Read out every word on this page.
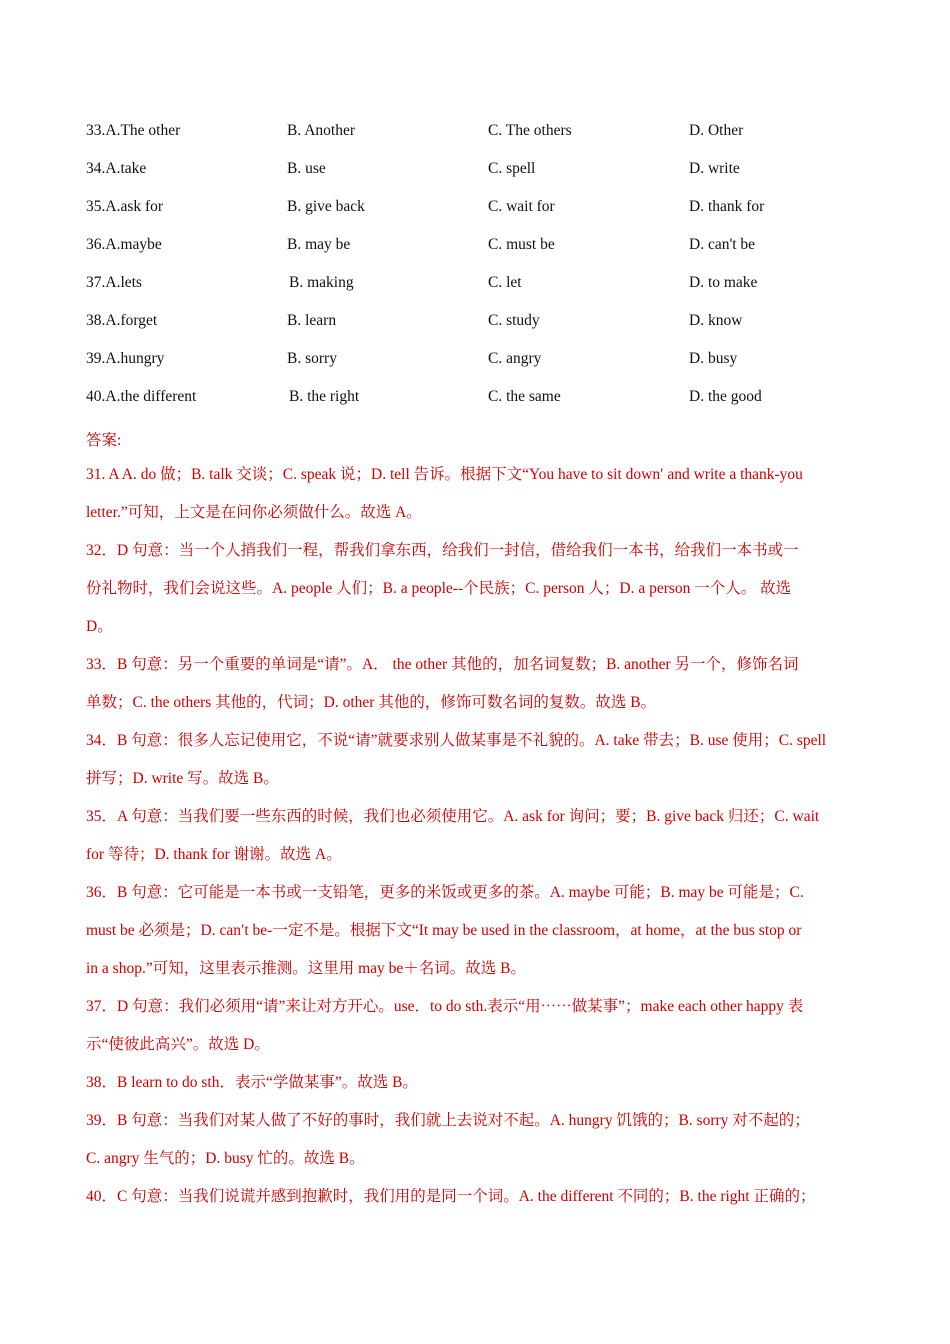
33.A.The other	B. Another	C. The others	D. Other
34.A.take	B. use	C. spell	D. write
35.A.ask for	B. give back	C. wait for	D. thank for
36.A.maybe	B. may be	C. must be	D. can't be
37.A.lets	B. making	C. let	D. to make
38.A.forget	B. learn	C. study	D. know
39.A.hungry	B. sorry	C. angry	D. busy
40.A.the different	B. the right	C. the same	D. the good
答案:

31. A A. do 做；B. talk 交谈；C. speak 说；D. tell 告诉。根据下文“You have to sit down′ and write a thank-you

letter.”可知，上文是在问你必须做什么。故选 A。

32．D 句意：当一个人捎我们一程，帮我们拿东西，给我们一封信，借给我们一本书，给我们一本书或一

份礼物时，我们会说这些。A. people 人们；B. a people--个民族；C. person 人；D. a person 一个人。 故选

D。

33．B 句意：另一个重要的单词是“请”。A． the other 其他的，加名词复数；B. another 另一个，修饰名词

单数；C. the others 其他的，代词；D. other 其他的，修饰可数名词的复数。故选 B。

34．B 句意：很多人忘记使用它，不说“请”就要求别人做某事是不礼貌的。A. take 带去；B. use 使用；C. spell

拼写；D. write 写。故选 B。

35．A 句意：当我们要一些东西的时候，我们也必须使用它。A. ask for 询问；要；B. give back 归还；C. wait

for 等待；D. thank for 谢谢。故选 A。

36．B 句意：它可能是一本书或一支铅笔，更多的米饭或更多的茶。A. maybe 可能；B. may be 可能是；C.

must be 必须是；D. can′t be-一定不是。根据下文“It may be used in the classroom，at home，at the bus stop or

in a shop.”可知，这里表示推测。这里用 may be＋名词。故选 B。

37．D 句意：我们必须用“请”来让对方开心。use．to do sth.表示“用⋯⋯做某事”；make each other happy 表

示“使彼此高兴”。故选 D。

38．B learn to do sth．表示“学做某事”。故选 B。

39．B 句意：当我们对某人做了不好的事时，我们就上去说对不起。A. hungry 饥饿的；B. sorry 对不起的；

C. angry 生气的；D. busy 忙的。故选 B。

40．C 句意：当我们说谎并感到抱歉时，我们用的是同一个词。A. the different 不同的；B. the right 正确的；
